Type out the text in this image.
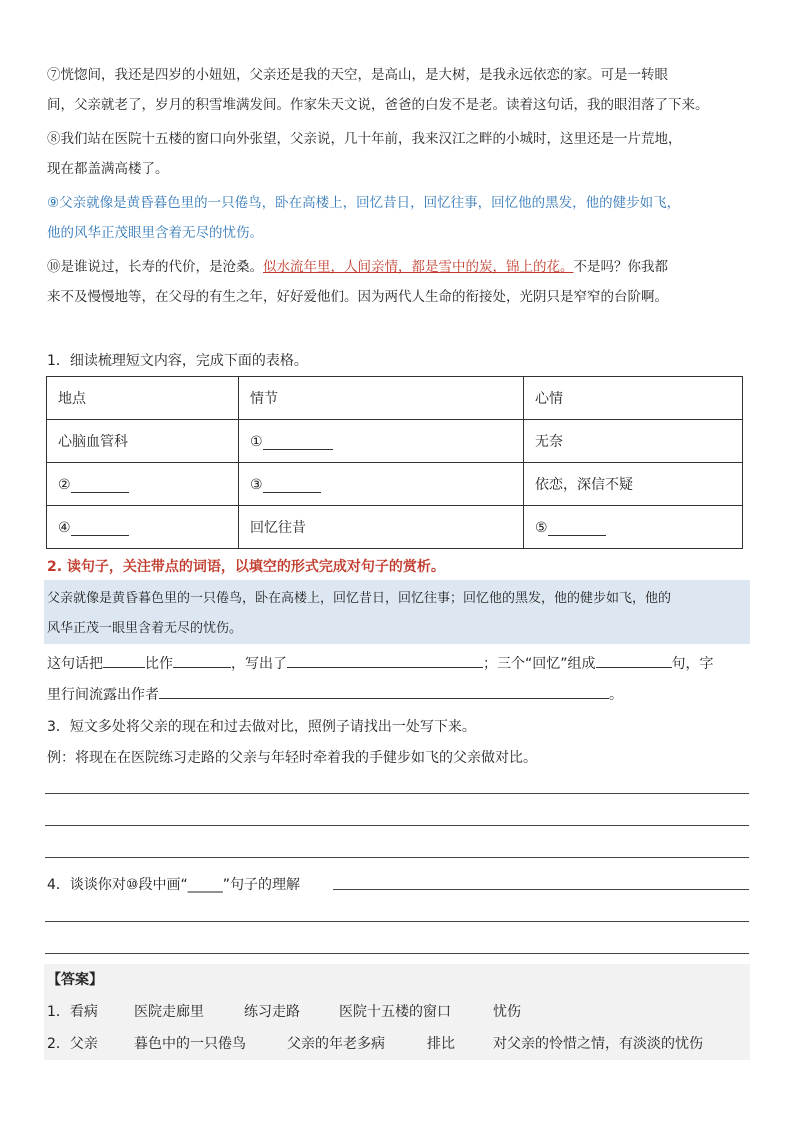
⑦恍惚间，我还是四岁的小妞妞，父亲还是我的天空，是高山，是大树，是我永远依恋的家。可是一转眼
间，父亲就老了，岁月的积雪堆满发间。作家朱天文说，爸爸的白发不是老。读着这句话，我的眼泪落了下来。
⑧我们站在医院十五楼的窗口向外张望，父亲说，几十年前，我来汉江之畔的小城时，这里还是一片荒地，
现在都盖满高楼了。
⑨父亲就像是黄昏暮色里的一只倦鸟，卧在高楼上，回忆昔日，回忆往事，回忆他的黑发，他的健步如飞，
他的风华正茂眼里含着无尽的忧伤。
⑩是谁说过，长寿的代价，是沧桑。似水流年里，人间亲情，都是雪中的炭，锦上的花。不是吗？你我都
来不及慢慢地等，在父母的有生之年，好好爱他们。因为两代人生命的衔接处，光阴只是窄窄的台阶啊。
1．细读梳理短文内容，完成下面的表格。
地点	情节	心情
心脑血管科	①	无奈
②	③	依恋，深信不疑
④	回忆往昔	⑤
2. 读句子，关注带点的词语，以填空的形式完成对句子的赏析。
父亲就像是黄昏暮色里的一只倦鸟，卧在高楼上，回忆昔日，回忆往事；回忆他的黑发，他的健步如飞，他的
风华正茂一眼里含着无尽的忧伤。
这句话把	比作	，写出了	；三个“回忆”组成	句，字
里行间流露出作者	。
3．短文多处将父亲的现在和过去做对比，照例子请找出一处写下来。
例：将现在在医院练习走路的父亲与年轻时牵着我的手健步如飞的父亲做对比。
4．谈谈你对⑩段中画“_____”句子的理解
【答案】
1．看病	医院走廊里	练习走路	医院十五楼的窗口	忧伤
2．父亲	暮色中的一只倦鸟	父亲的年老多病	排比	对父亲的怜惜之情，有淡淡的忧伤
